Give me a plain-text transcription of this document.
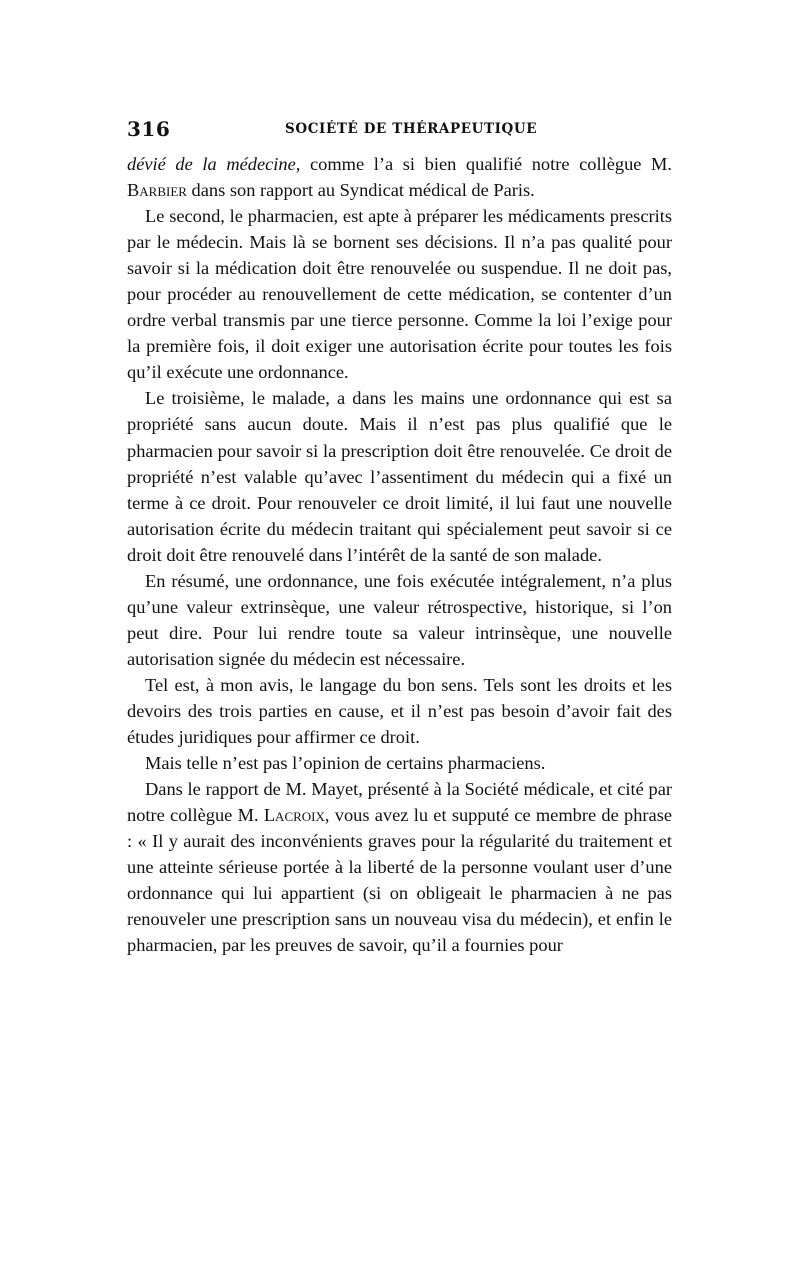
316	SOCIÉTÉ DE THÉRAPEUTIQUE

dévié de la médecine, comme l’a si bien qualifié notre collègue M. Barbier dans son rapport au Syndicat médical de Paris.

Le second, le pharmacien, est apte à préparer les médicaments prescrits par le médecin. Mais là se bornent ses décisions. Il n’a pas qualité pour savoir si la médication doit être renouvelée ou suspendue. Il ne doit pas, pour procéder au renouvellement de cette médication, se contenter d’un ordre verbal transmis par une tierce personne. Comme la loi l’exige pour la première fois, il doit exiger une autorisation écrite pour toutes les fois qu’il exécute une ordonnance.

Le troisième, le malade, a dans les mains une ordonnance qui est sa propriété sans aucun doute. Mais il n’est pas plus qualifié que le pharmacien pour savoir si la prescription doit être renouvelée. Ce droit de propriété n’est valable qu’avec l’assentiment du médecin qui a fixé un terme à ce droit. Pour renouveler ce droit limité, il lui faut une nouvelle autorisation écrite du médecin traitant qui spécialement peut savoir si ce droit doit être renouvelé dans l’intérêt de la santé de son malade.

En résumé, une ordonnance, une fois exécutée intégralement, n’a plus qu’une valeur extrinsèque, une valeur rétrospective, historique, si l’on peut dire. Pour lui rendre toute sa valeur intrinsèque, une nouvelle autorisation signée du médecin est nécessaire.

Tel est, à mon avis, le langage du bon sens. Tels sont les droits et les devoirs des trois parties en cause, et il n’est pas besoin d’avoir fait des études juridiques pour affirmer ce droit.

Mais telle n’est pas l’opinion de certains pharmaciens.

Dans le rapport de M. Mayet, présenté à la Société médicale, et cité par notre collègue M. Lacroix, vous avez lu et supputé ce membre de phrase : « Il y aurait des inconvénients graves pour la régularité du traitement et une atteinte sérieuse portée à la liberté de la personne voulant user d’une ordonnance qui lui appartient (si on obligeait le pharmacien à ne pas renouveler une prescription sans un nouveau visa du médecin), et enfin le pharmacien, par les preuves de savoir, qu’il a fournies pour
